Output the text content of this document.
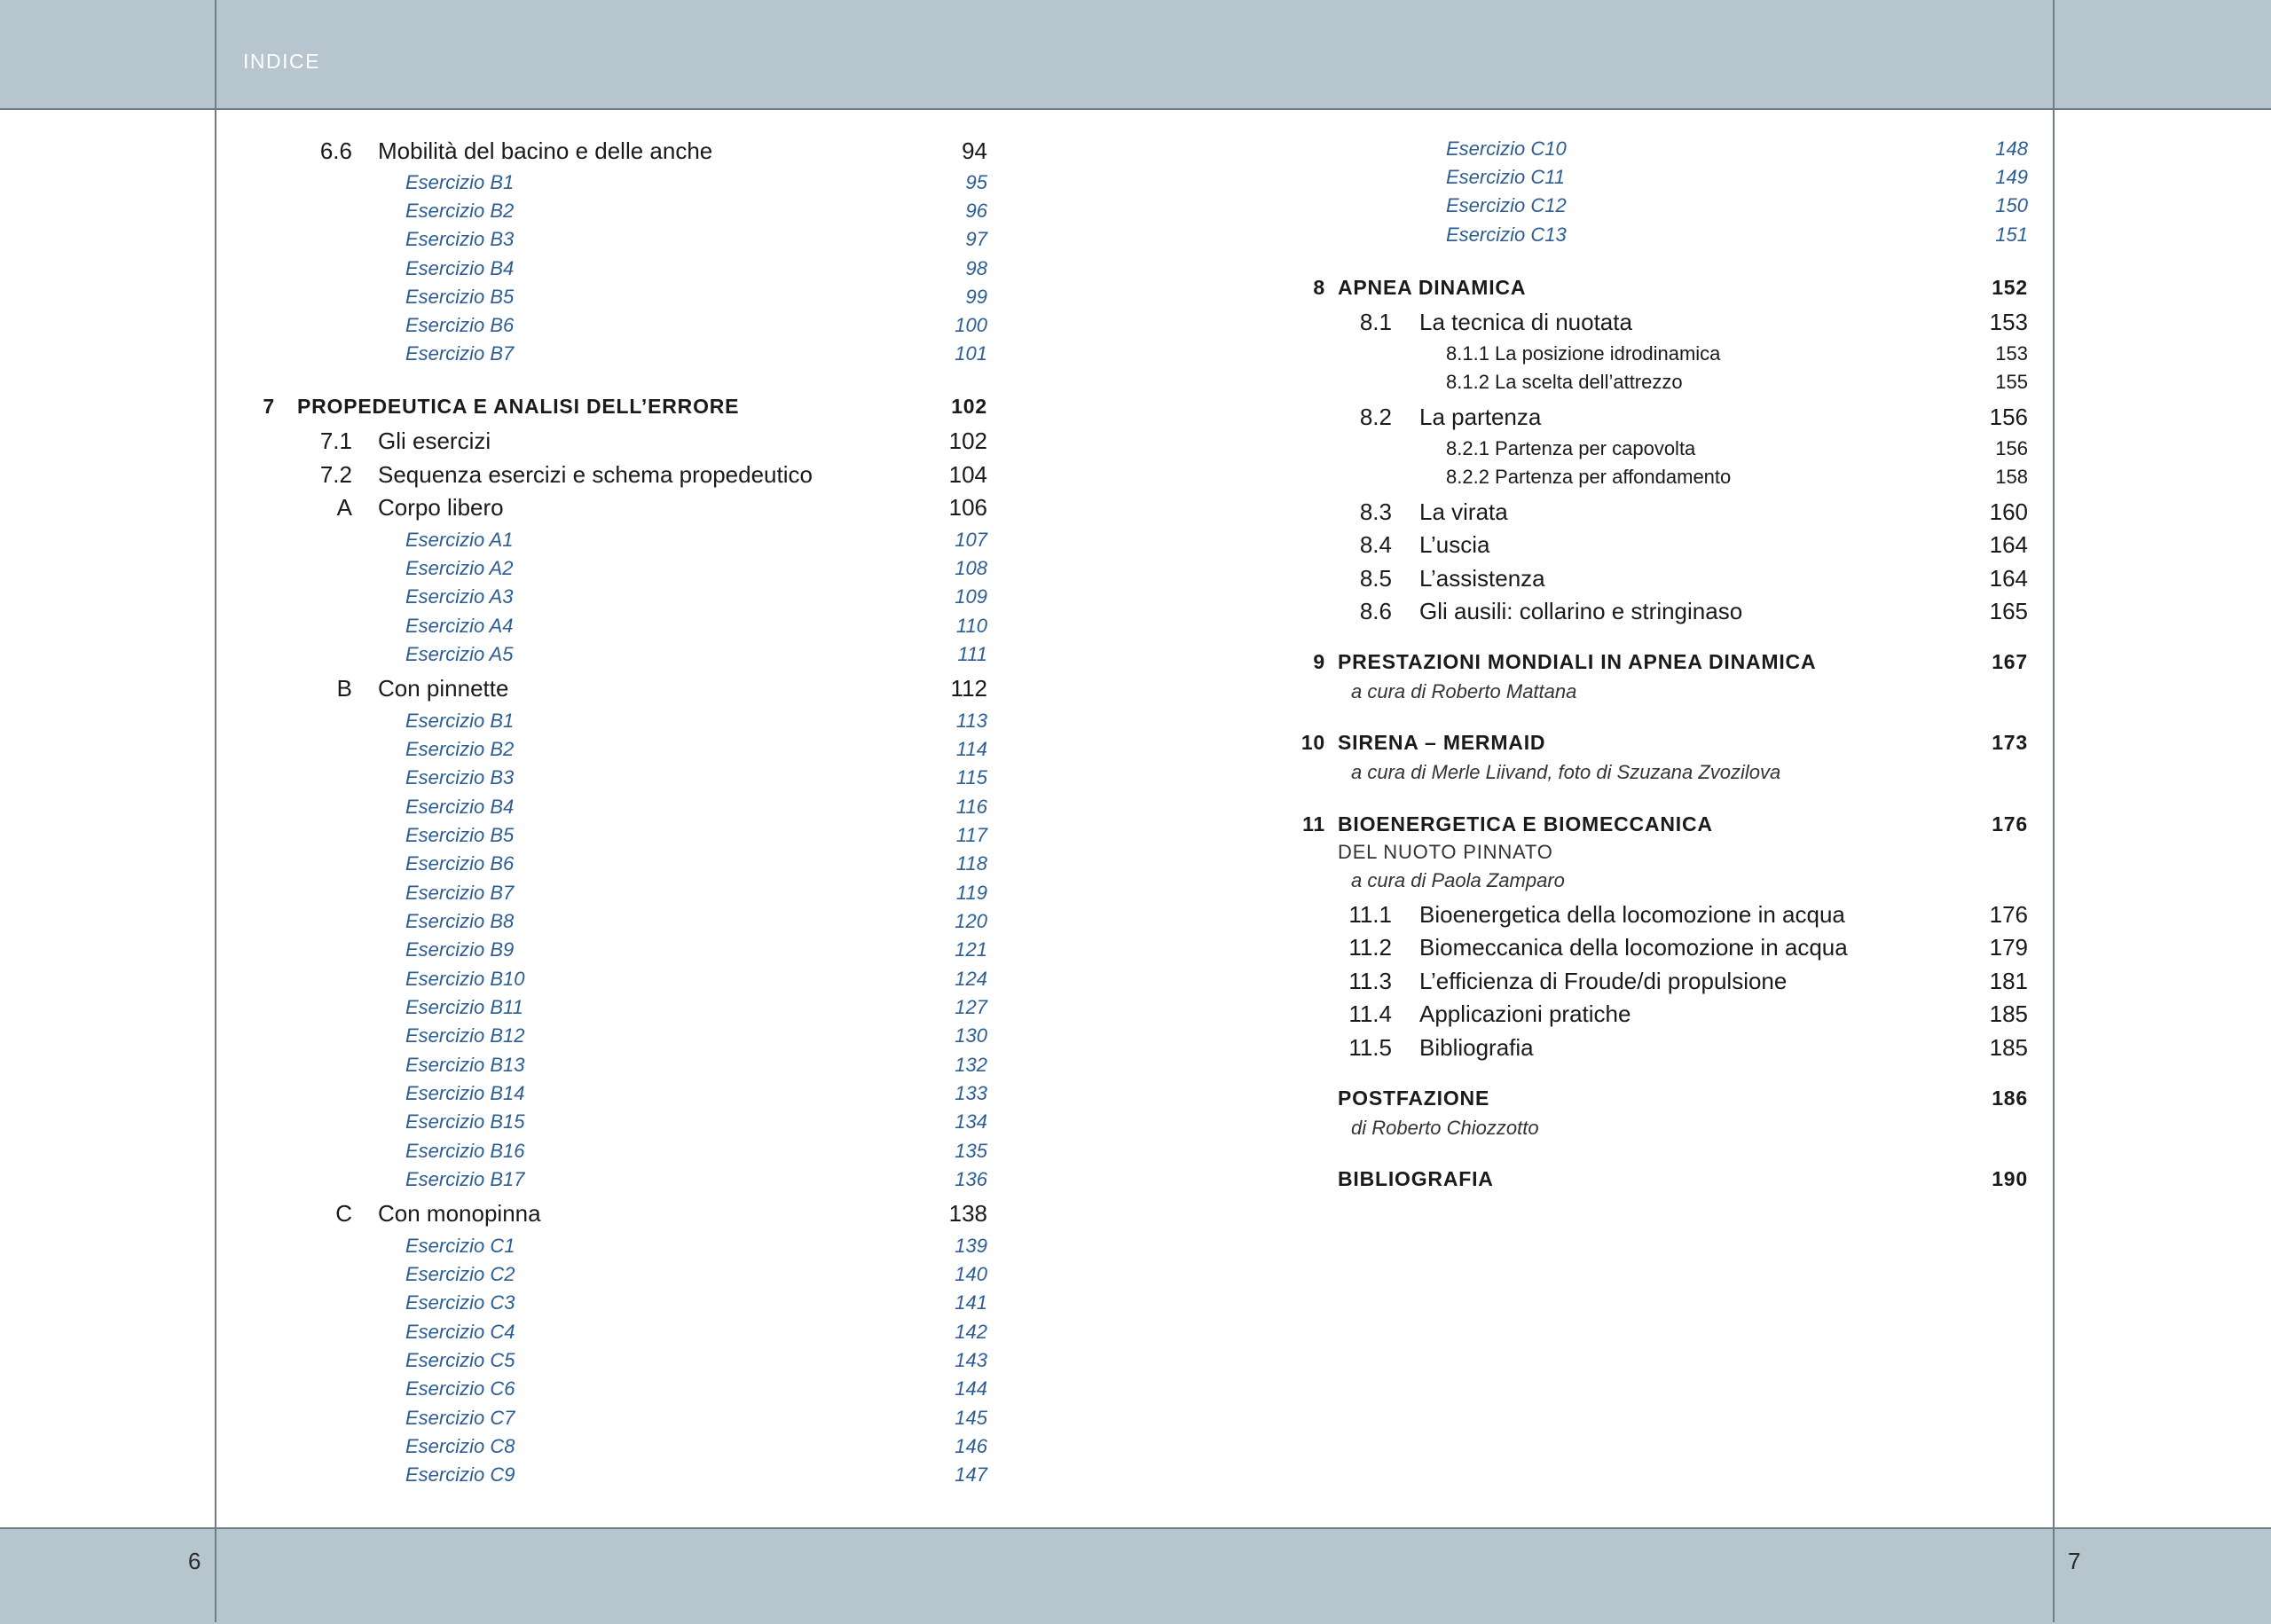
INDICE
6	7
6.6 Mobilità del bacino e delle anche	94
Esercizio B1	95
Esercizio B2	96
Esercizio B3	97
Esercizio B4	98
Esercizio B5	99
Esercizio B6	100
Esercizio B7	101
7 PROPEDEUTICA E ANALISI DELL’ERRORE	102
7.1 Gli esercizi	102
7.2 Sequenza esercizi e schema propedeutico	104
A Corpo libero	106
Esercizio A1	107
Esercizio A2	108
Esercizio A3	109
Esercizio A4	110
Esercizio A5	111
B Con pinnette	112
Esercizio B1	113
Esercizio B2	114
Esercizio B3	115
Esercizio B4	116
Esercizio B5	117
Esercizio B6	118
Esercizio B7	119
Esercizio B8	120
Esercizio B9	121
Esercizio B10	124
Esercizio B11	127
Esercizio B12	130
Esercizio B13	132
Esercizio B14	133
Esercizio B15	134
Esercizio B16	135
Esercizio B17	136
C Con monopinna	138
Esercizio C1	139
Esercizio C2	140
Esercizio C3	141
Esercizio C4	142
Esercizio C5	143
Esercizio C6	144
Esercizio C7	145
Esercizio C8	146
Esercizio C9	147
Esercizio C10	148
Esercizio C11	149
Esercizio C12	150
Esercizio C13	151
8 APNEA DINAMICA	152
8.1 La tecnica di nuotata	153
8.1.1 La posizione idrodinamica	153
8.1.2 La scelta dell’attrezzo	155
8.2 La partenza	156
8.2.1 Partenza per capovolta	156
8.2.2 Partenza per affondamento	158
8.3 La virata	160
8.4 L’uscia	164
8.5 L’assistenza	164
8.6 Gli ausili: collarino e stringinaso	165
9 PRESTAZIONI MONDIALI IN APNEA DINAMICA	167
a cura di Roberto Mattana
10 SIRENA – MERMAID	173
a cura di Merle Liivand, foto di Szuzana Zvozilova
11 BIOENERGETICA E BIOMECCANICA	176
DEL NUOTO PINNATO
a cura di Paola Zamparo
11.1 Bioenergetica della locomozione in acqua	176
11.2 Biomeccanica della locomozione in acqua	179
11.3 L’efficienza di Froude/di propulsione	181
11.4 Applicazioni pratiche	185
11.5 Bibliografia	185
POSTFAZIONE	186
di Roberto Chiozzotto
BIBLIOGRAFIA	190
